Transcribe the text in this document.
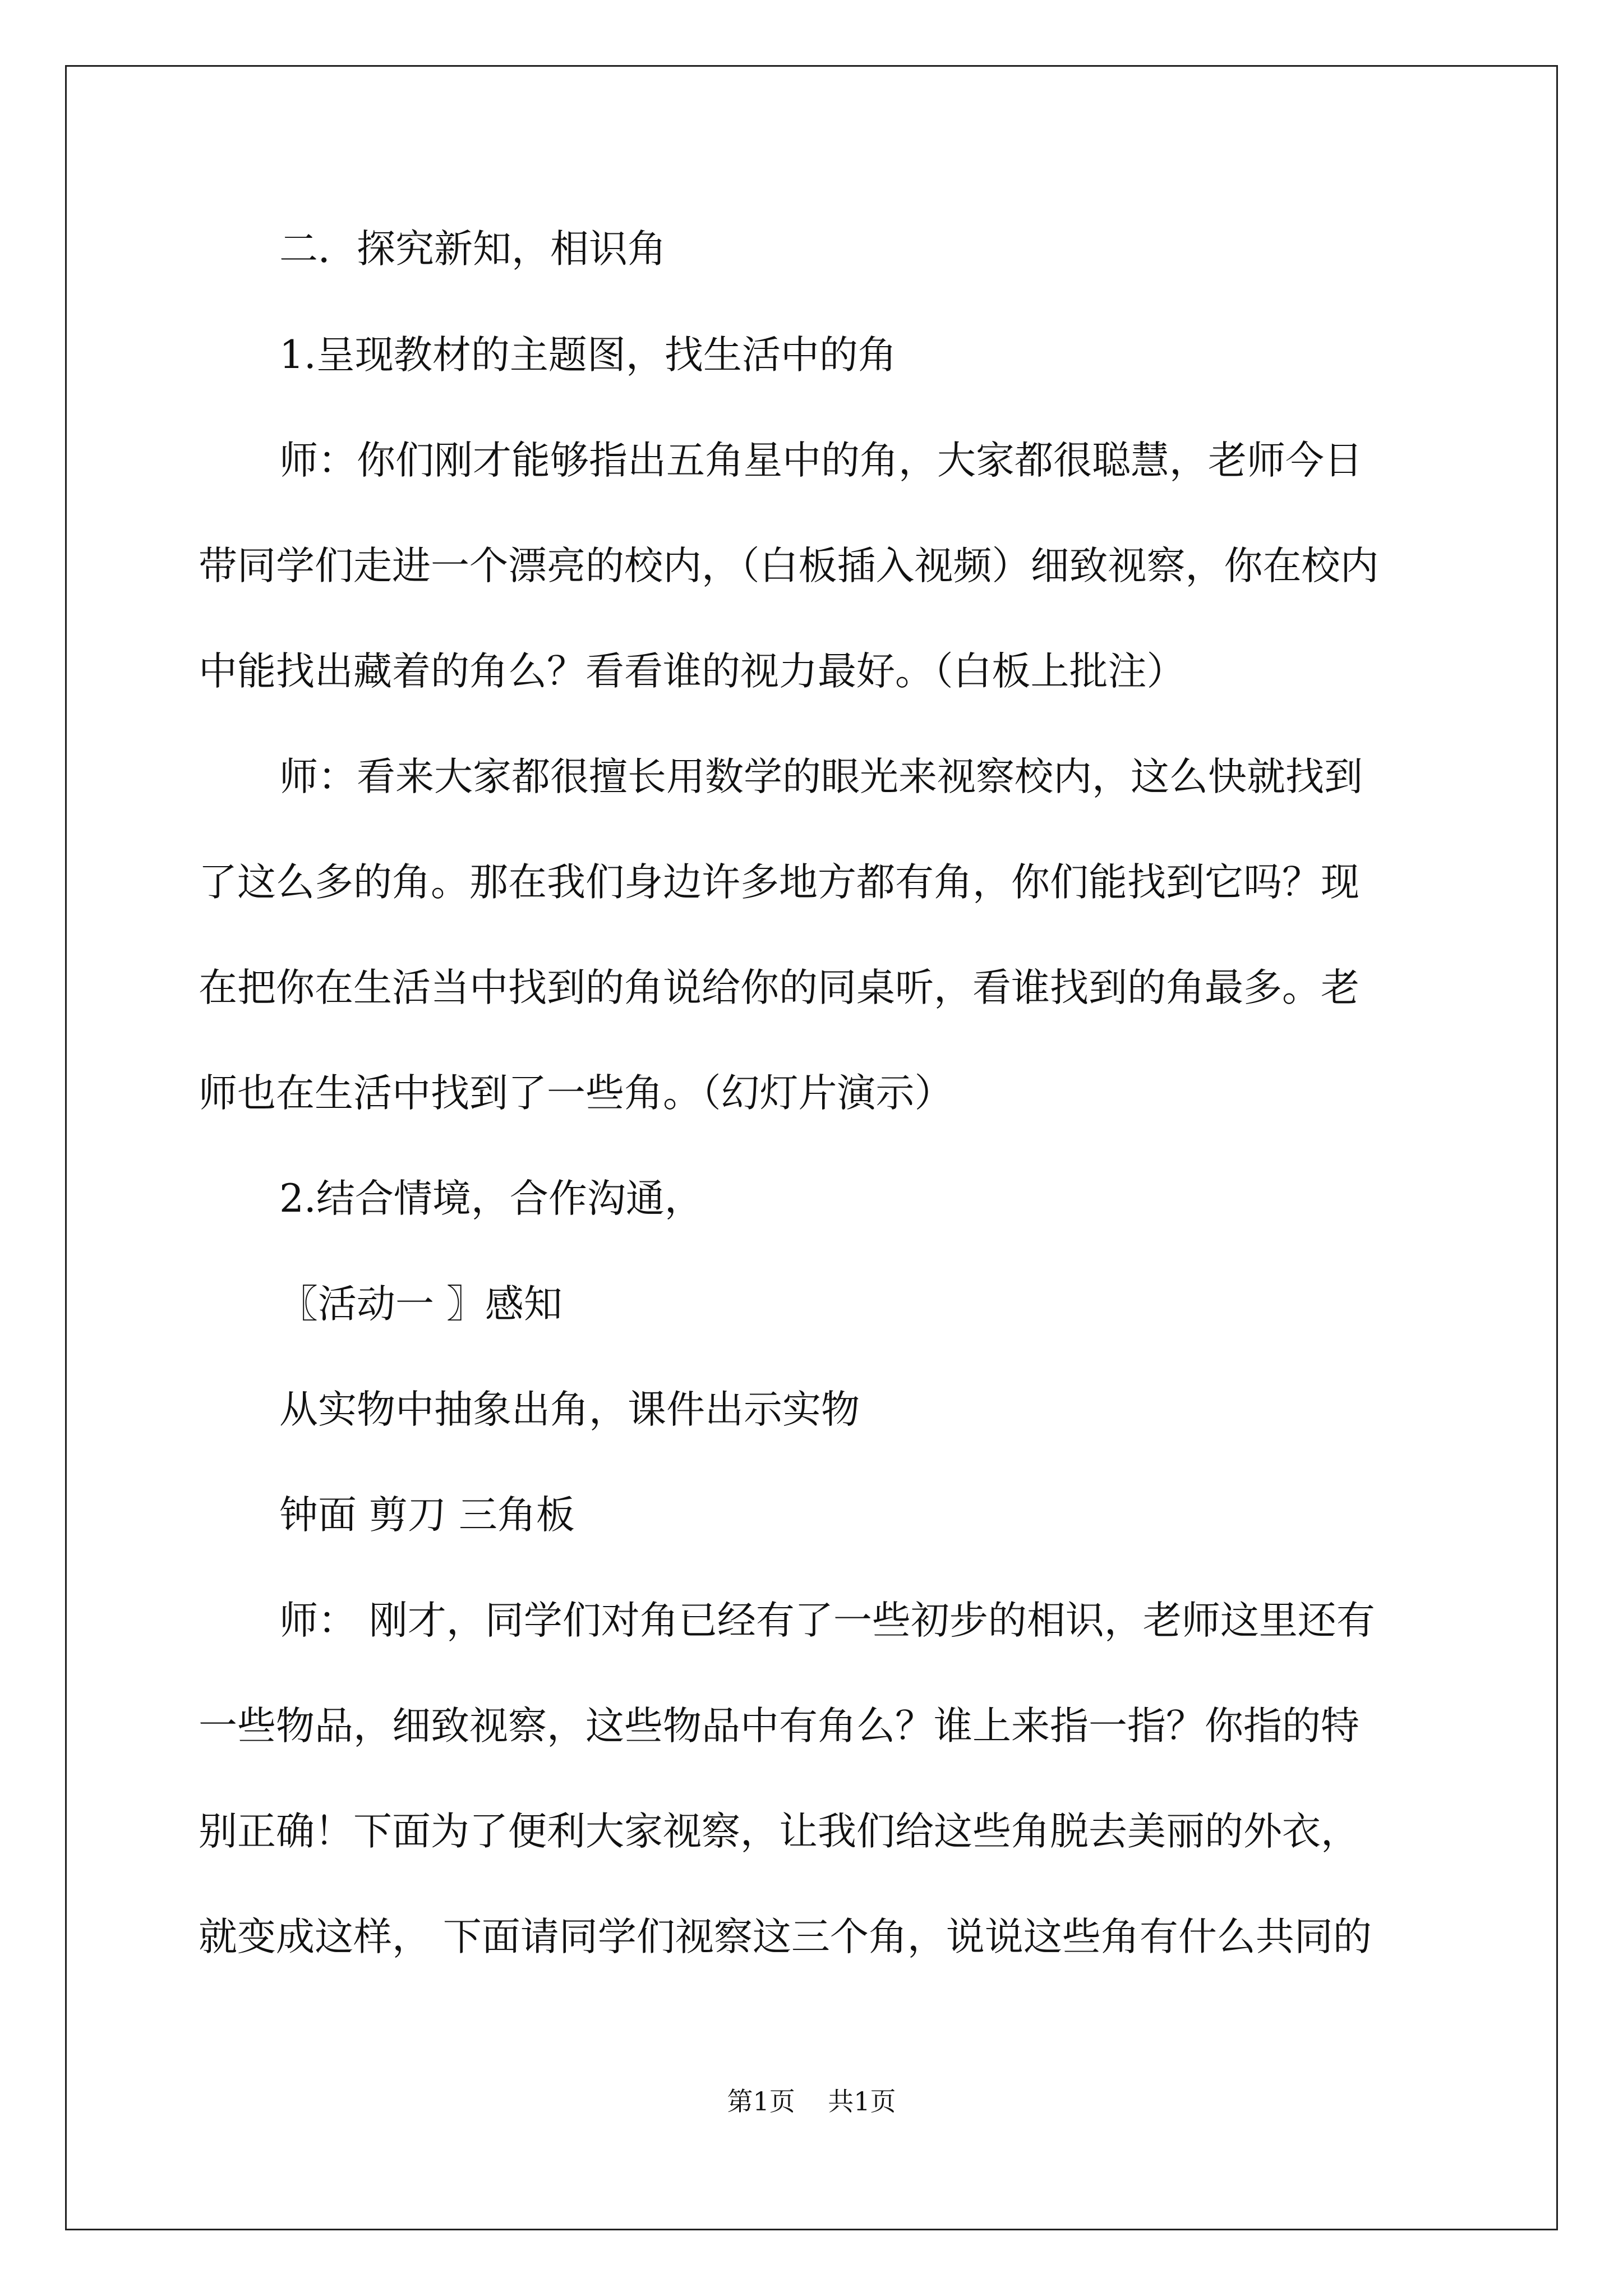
二．探究新知，相识角

1.呈现教材的主题图，找生活中的角

师：你们刚才能够指出五角星中的角，大家都很聪慧，老师今日

带同学们走进一个漂亮的校内，（白板插入视频）细致视察，你在校内

中能找出藏着的角么？看看谁的视力最好。（白板上批注）

师：看来大家都很擅长用数学的眼光来视察校内，这么快就找到

了这么多的角。那在我们身边许多地方都有角，你们能找到它吗？现

在把你在生活当中找到的角说给你的同桌听，看谁找到的角最多。老

师也在生活中找到了一些角。（幻灯片演示）

2.结合情境，合作沟通，

〖活动一 〗感知

从实物中抽象出角，课件出示实物

钟面 剪刀 三角板

师： 刚才，同学们对角已经有了一些初步的相识，老师这里还有

一些物品，细致视察，这些物品中有角么？谁上来指一指？你指的特

别正确！下面为了便利大家视察，让我们给这些角脱去美丽的外衣，

就变成这样， 下面请同学们视察这三个角，说说这些角有什么共同的

第1页    共1页
